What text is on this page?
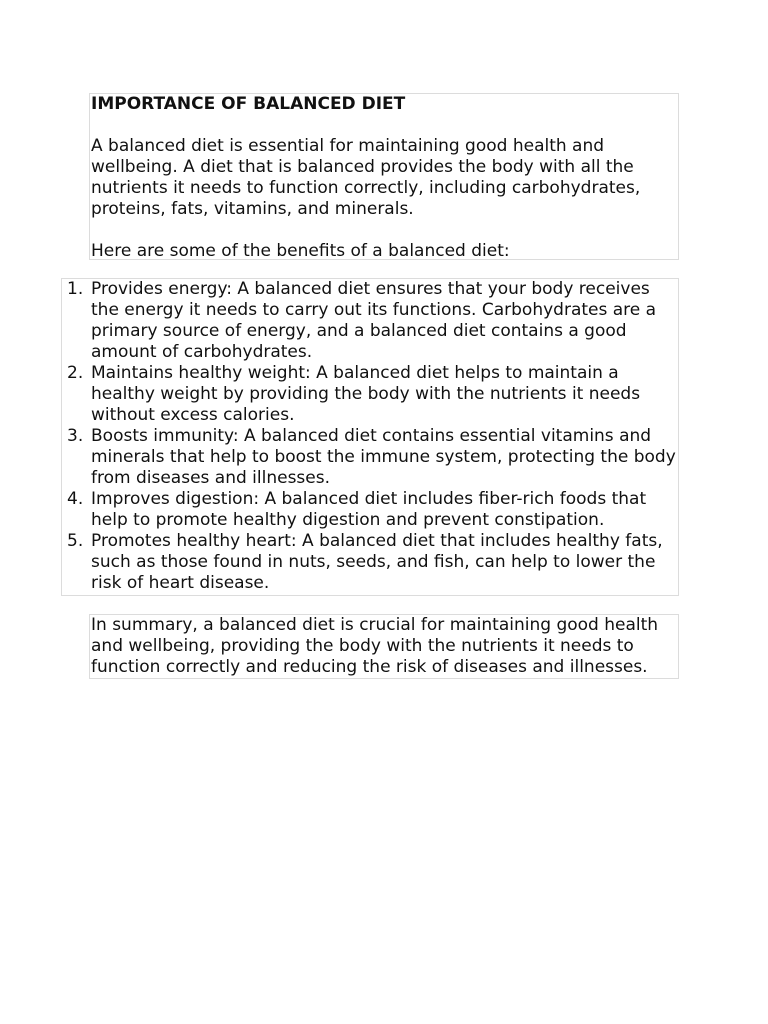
IMPORTANCE OF BALANCED DIET

A balanced diet is essential for maintaining good health and wellbeing. A diet that is balanced provides the body with all the nutrients it needs to function correctly, including carbohydrates, proteins, fats, vitamins, and minerals.

Here are some of the benefits of a balanced diet:

1. Provides energy: A balanced diet ensures that your body receives the energy it needs to carry out its functions. Carbohydrates are a primary source of energy, and a balanced diet contains a good amount of carbohydrates.
2. Maintains healthy weight: A balanced diet helps to maintain a healthy weight by providing the body with the nutrients it needs without excess calories.
3. Boosts immunity: A balanced diet contains essential vitamins and minerals that help to boost the immune system, protecting the body from diseases and illnesses.
4. Improves digestion: A balanced diet includes fiber-rich foods that help to promote healthy digestion and prevent constipation.
5. Promotes healthy heart: A balanced diet that includes healthy fats, such as those found in nuts, seeds, and fish, can help to lower the risk of heart disease.

In summary, a balanced diet is crucial for maintaining good health and wellbeing, providing the body with the nutrients it needs to function correctly and reducing the risk of diseases and illnesses.
